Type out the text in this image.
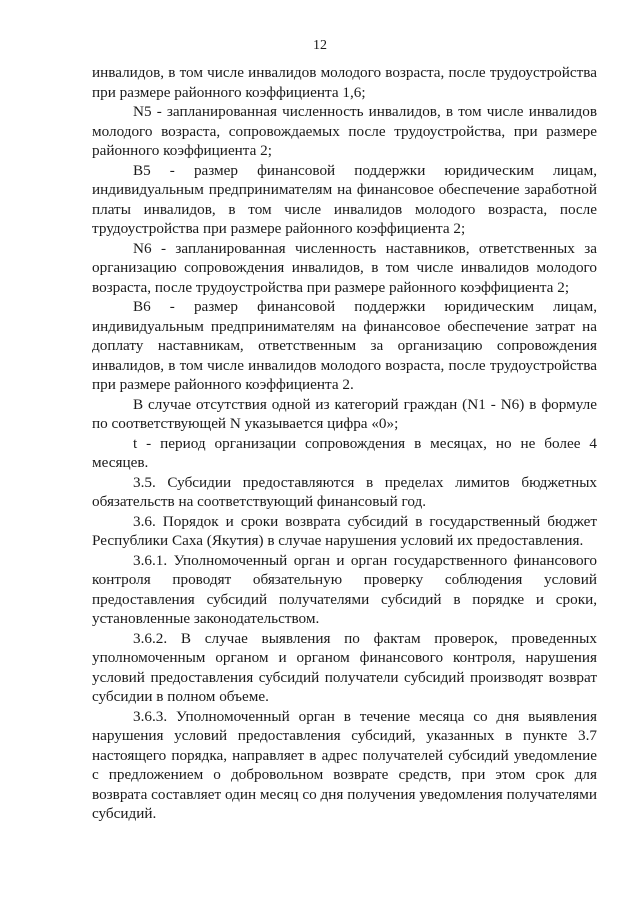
12

инвалидов, в том числе инвалидов молодого возраста, после трудоустройства при размере районного коэффициента 1,6;

N5 - запланированная численность инвалидов, в том числе инвалидов молодого возраста, сопровождаемых после трудоустройства, при размере районного коэффициента 2;

B5 - размер финансовой поддержки юридическим лицам, индивидуальным предпринимателям на финансовое обеспечение заработной платы инвалидов, в том числе инвалидов молодого возраста, после трудоустройства при размере районного коэффициента 2;

N6 - запланированная численность наставников, ответственных за организацию сопровождения инвалидов, в том числе инвалидов молодого возраста, после трудоустройства при размере районного коэффициента 2;

B6 - размер финансовой поддержки юридическим лицам, индивидуальным предпринимателям на финансовое обеспечение затрат на доплату наставникам, ответственным за организацию сопровождения инвалидов, в том числе инвалидов молодого возраста, после трудоустройства при размере районного коэффициента 2.

В случае отсутствия одной из категорий граждан (N1 - N6) в формуле по соответствующей N указывается цифра «0»;

t - период организации сопровождения в месяцах, но не более 4 месяцев.

3.5. Субсидии предоставляются в пределах лимитов бюджетных обязательств на соответствующий финансовый год.

3.6. Порядок и сроки возврата субсидий в государственный бюджет Республики Саха (Якутия) в случае нарушения условий их предоставления.

3.6.1. Уполномоченный орган и орган государственного финансового контроля проводят обязательную проверку соблюдения условий предоставления субсидий получателями субсидий в порядке и сроки, установленные законодательством.

3.6.2. В случае выявления по фактам проверок, проведенных уполномоченным органом и органом финансового контроля, нарушения условий предоставления субсидий получатели субсидий производят возврат субсидии в полном объеме.

3.6.3. Уполномоченный орган в течение месяца со дня выявления нарушения условий предоставления субсидий, указанных в пункте 3.7 настоящего порядка, направляет в адрес получателей субсидий уведомление с предложением о добровольном возврате средств, при этом срок для возврата составляет один месяц со дня получения уведомления получателями субсидий.
